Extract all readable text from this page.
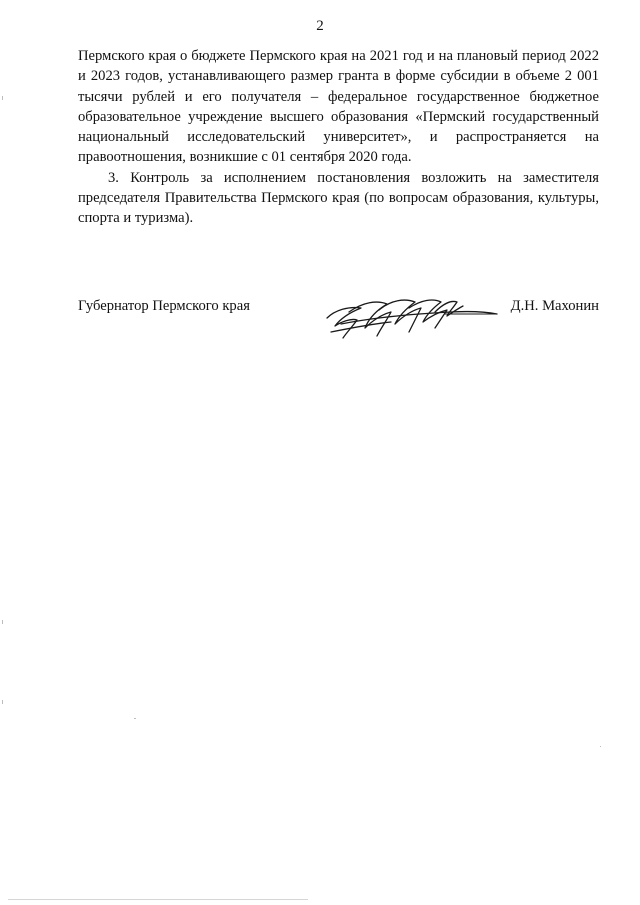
2

Пермского края о бюджете Пермского края на 2021 год и на плановый период 2022 и 2023 годов, устанавливающего размер гранта в форме субсидии в объеме 2 001 тысячи рублей и его получателя – федеральное государственное бюджетное образовательное учреждение высшего образования «Пермский государственный национальный исследовательский университет», и распространяется на правоотношения, возникшие с 01 сентября 2020 года.

3. Контроль за исполнением постановления возложить на заместителя председателя Правительства Пермского края (по вопросам образования, культуры, спорта и туризма).

Губернатор Пермского края	Д.Н. Махонин
